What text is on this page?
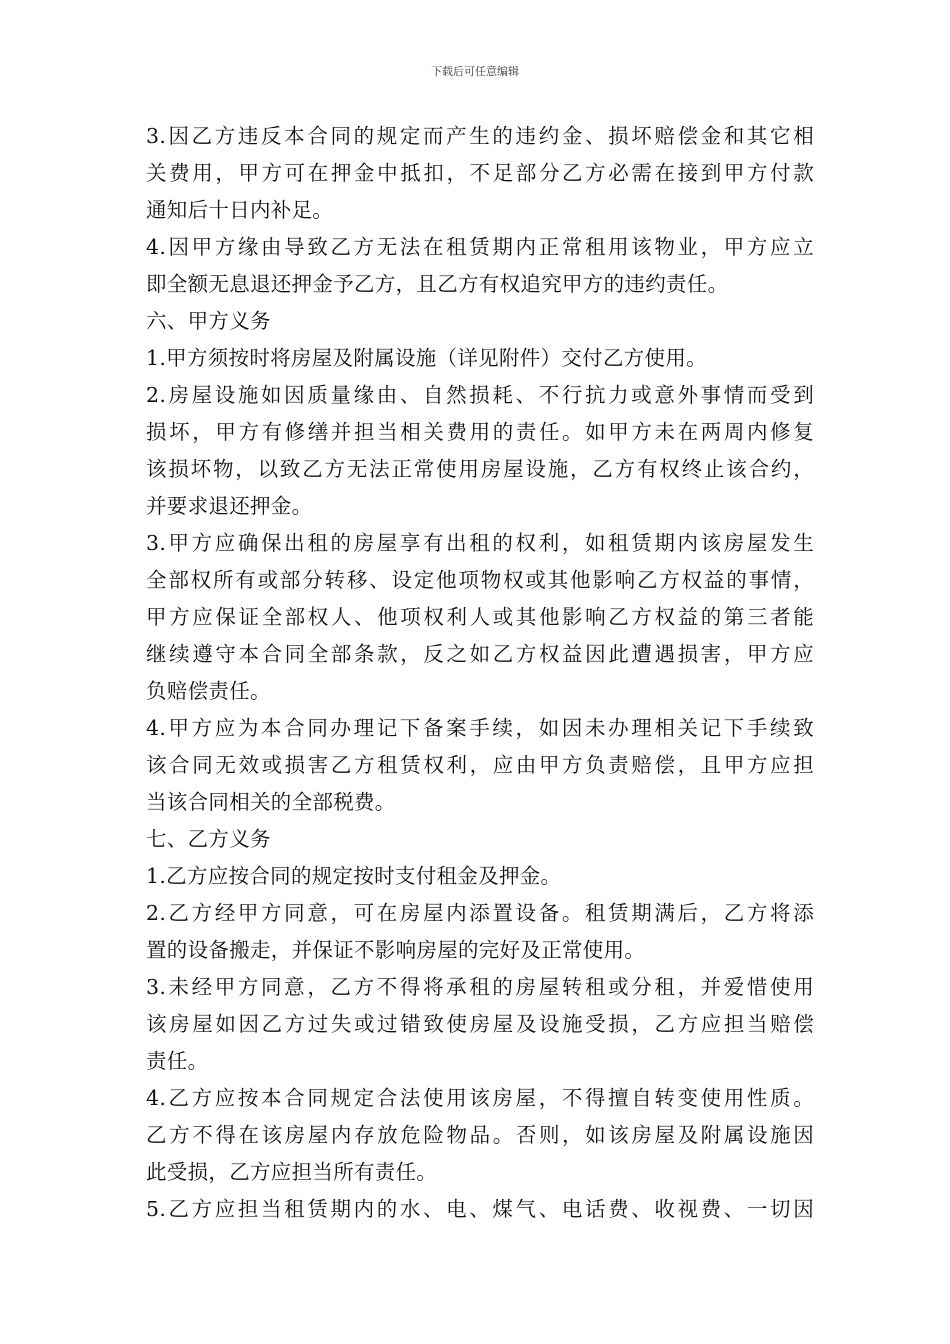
下载后可任意编辑
3.因乙方违反本合同的规定而产生的违约金、损坏赔偿金和其它相
关费用，甲方可在押金中抵扣，不足部分乙方必需在接到甲方付款
通知后十日内补足。
4.因甲方缘由导致乙方无法在租赁期内正常租用该物业，甲方应立
即全额无息退还押金予乙方，且乙方有权追究甲方的违约责任。
六、甲方义务
1.甲方须按时将房屋及附属设施（详见附件）交付乙方使用。
2.房屋设施如因质量缘由、自然损耗、不行抗力或意外事情而受到
损坏，甲方有修缮并担当相关费用的责任。如甲方未在两周内修复
该损坏物，以致乙方无法正常使用房屋设施，乙方有权终止该合约，
并要求退还押金。
3.甲方应确保出租的房屋享有出租的权利，如租赁期内该房屋发生
全部权所有或部分转移、设定他项物权或其他影响乙方权益的事情，
甲方应保证全部权人、他项权利人或其他影响乙方权益的第三者能
继续遵守本合同全部条款，反之如乙方权益因此遭遇损害，甲方应
负赔偿责任。
4.甲方应为本合同办理记下备案手续，如因未办理相关记下手续致
该合同无效或损害乙方租赁权利，应由甲方负责赔偿，且甲方应担
当该合同相关的全部税费。
七、乙方义务
1.乙方应按合同的规定按时支付租金及押金。
2.乙方经甲方同意，可在房屋内添置设备。租赁期满后，乙方将添
置的设备搬走，并保证不影响房屋的完好及正常使用。
3.未经甲方同意，乙方不得将承租的房屋转租或分租，并爱惜使用
该房屋如因乙方过失或过错致使房屋及设施受损，乙方应担当赔偿
责任。
4.乙方应按本合同规定合法使用该房屋，不得擅自转变使用性质。
乙方不得在该房屋内存放危险物品。否则，如该房屋及附属设施因
此受损，乙方应担当所有责任。
5.乙方应担当租赁期内的水、电、煤气、电话费、收视费、一切因
